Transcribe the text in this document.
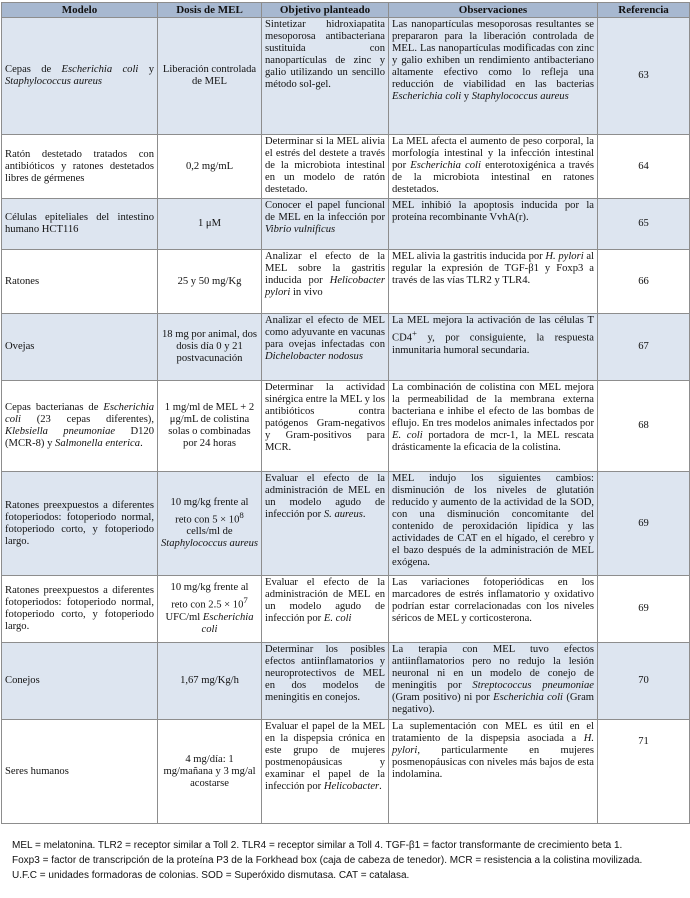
Modelo	Dosis de MEL	Objetivo planteado	Observaciones	Referencia
Cepas de Escherichia coli y Staphylococcus aureus	Liberación controlada de MEL	Sintetizar hidroxiapatita mesoporosa antibacteriana sustituida con nanopartículas de zinc y galio utilizando un sencillo método sol-gel.	Las nanopartículas mesoporosas resultantes se prepararon para la liberación controlada de MEL. Las nanopartículas modificadas con zinc y galio exhiben un rendimiento antibacteriano altamente efectivo como lo refleja una reducción de viabilidad en las bacterias Escherichia coli y Staphylococcus aureus	63
Ratón destetado tratados con antibióticos y ratones destetados libres de gérmenes	0,2 mg/mL	Determinar si la MEL alivia el estrés del destete a través de la microbiota intestinal en un modelo de ratón destetado.	La MEL afecta el aumento de peso corporal, la morfología intestinal y la infección intestinal por Escherichia coli enterotoxigénica a través de la microbiota intestinal en ratones destetados.	64
Células epiteliales del intestino humano HCT116	1 μM	Conocer el papel funcional de MEL en la infección por Vibrio vulnificus	MEL inhibió la apoptosis inducida por la proteína recombinante VvhA(r).	65
Ratones	25 y 50 mg/Kg	Analizar el efecto de la MEL sobre la gastritis inducida por Helicobacter pylori in vivo	MEL alivia la gastritis inducida por H. pylori al regular la expresión de TGF-β1 y Foxp3 a través de las vías TLR2 y TLR4.	66
Ovejas	18 mg por animal, dos dosis día 0 y 21 postvacunación	Analizar el efecto de MEL como adyuvante en vacunas para ovejas infectadas con Dichelobacter nodosus	La MEL mejora la activación de las células T CD4+ y, por consiguiente, la respuesta inmunitaria humoral secundaria.	67
Cepas bacterianas de Escherichia coli (23 cepas diferentes), Klebsiella pneumoniae D120 (MCR-8) y Salmonella enterica.	1 mg/ml de MEL + 2 μg/mL de colistina solas o combinadas por 24 horas	Determinar la actividad sinérgica entre la MEL y los antibióticos contra patógenos Gram-negativos y Gram-positivos para MCR.	La combinación de colistina con MEL mejora la permeabilidad de la membrana externa bacteriana e inhibe el efecto de las bombas de eflujo. En tres modelos animales infectados por E. coli portadora de mcr-1, la MEL rescata drásticamente la eficacia de la colistina.	68
Ratones preexpuestos a diferentes fotoperiodos: fotoperiodo normal, fotoperiodo corto, y fotoperiodo largo.	10 mg/kg frente al reto con $5 \times 10^8$ cells/ml de Staphylococcus aureus	Evaluar el efecto de la administración de MEL en un modelo agudo de infección por S. aureus.	MEL indujo los siguientes cambios: disminución de los niveles de glutatión reducido y aumento de la actividad de la SOD, con una disminución concomitante del contenido de peroxidación lipídica y las actividades de CAT en el hígado, el cerebro y el bazo después de la administración de MEL exógena.	69
Ratones preexpuestos a diferentes fotoperiodos: fotoperiodo normal, fotoperiodo corto, y fotoperiodo largo.	10 mg/kg frente al reto con $2.5 \times 10^7$ UFC/ml Escherichia coli	Evaluar el efecto de la administración de MEL en un modelo agudo de infección por E. coli	Las variaciones fotoperiódicas en los marcadores de estrés inflamatorio y oxidativo podrían estar correlacionadas con los niveles séricos de MEL y corticosterona.	69
Conejos	1,67 mg/Kg/h	Determinar los posibles efectos antiinflamatorios y neuroprotectivos de MEL en dos modelos de meningitis en conejos.	La terapia con MEL tuvo efectos antiinflamatorios pero no redujo la lesión neuronal ni en un modelo de conejo de meningitis por Streptococcus pneumoniae (Gram positivo) ni por Escherichia coli (Gram negativo).	70
Seres humanos	4 mg/día: 1 mg/mañana y 3 mg/al acostarse	Evaluar el papel de la MEL en la dispepsia crónica en este grupo de mujeres postmenopáusicas y examinar el papel de la infección por Helicobacter.	La suplementación con MEL es útil en el tratamiento de la dispepsia asociada a H. pylori, particularmente en mujeres posmenopáusicas con niveles más bajos de esta indolamina.	71
MEL = melatonina. TLR2 = receptor similar a Toll 2. TLR4 = receptor similar a Toll 4. TGF-β1 = factor transformante de crecimiento beta 1.
Foxp3 = factor de transcripción de la proteína P3 de la Forkhead box (caja de cabeza de tenedor). MCR = resistencia a la colistina movilizada.
U.F.C = unidades formadoras de colonias. SOD = Superóxido dismutasa. CAT = catalasa.
